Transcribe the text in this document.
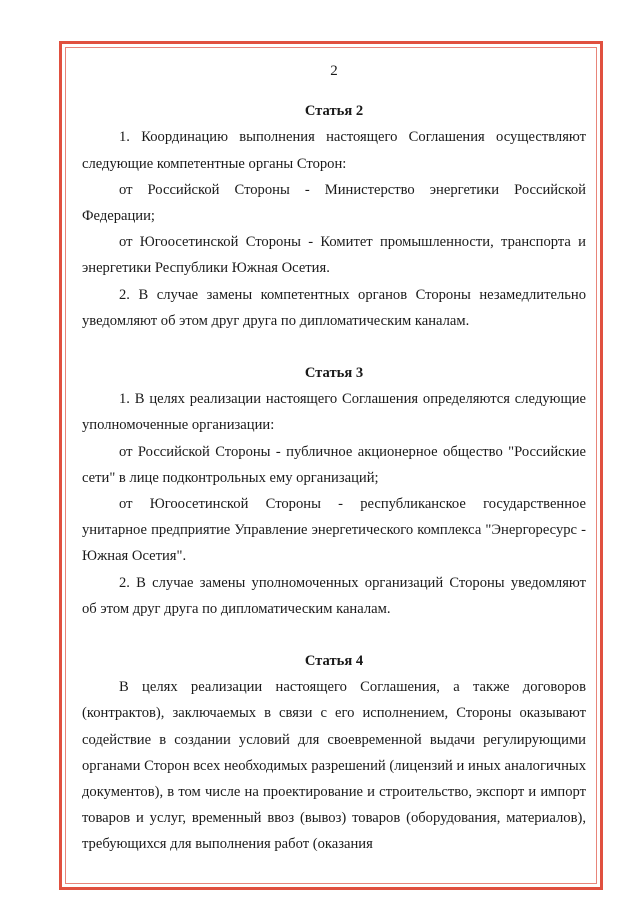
2
Статья 2

1. Координацию выполнения настоящего Соглашения осуществляют следующие компетентные органы Сторон:

от Российской Стороны - Министерство энергетики Российской Федерации;

от Югоосетинской Стороны - Комитет промышленности, транспорта и энергетики Республики Южная Осетия.

2. В случае замены компетентных органов Стороны незамедлительно уведомляют об этом друг друга по дипломатическим каналам.

Статья 3

1. В целях реализации настоящего Соглашения определяются следующие уполномоченные организации:

от Российской Стороны - публичное акционерное общество "Российские сети" в лице подконтрольных ему организаций;

от Югоосетинской Стороны - республиканское государственное унитарное предприятие Управление энергетического комплекса "Энергоресурс - Южная Осетия".

2. В случае замены уполномоченных организаций Стороны уведомляют об этом друг друга по дипломатическим каналам.

Статья 4

В целях реализации настоящего Соглашения, а также договоров (контрактов), заключаемых в связи с его исполнением, Стороны оказывают содействие в создании условий для своевременной выдачи регулирующими органами Сторон всех необходимых разрешений (лицензий и иных аналогичных документов), в том числе на проектирование и строительство, экспорт и импорт товаров и услуг, временный ввоз (вывоз) товаров (оборудования, материалов), требующихся для выполнения работ (оказания
